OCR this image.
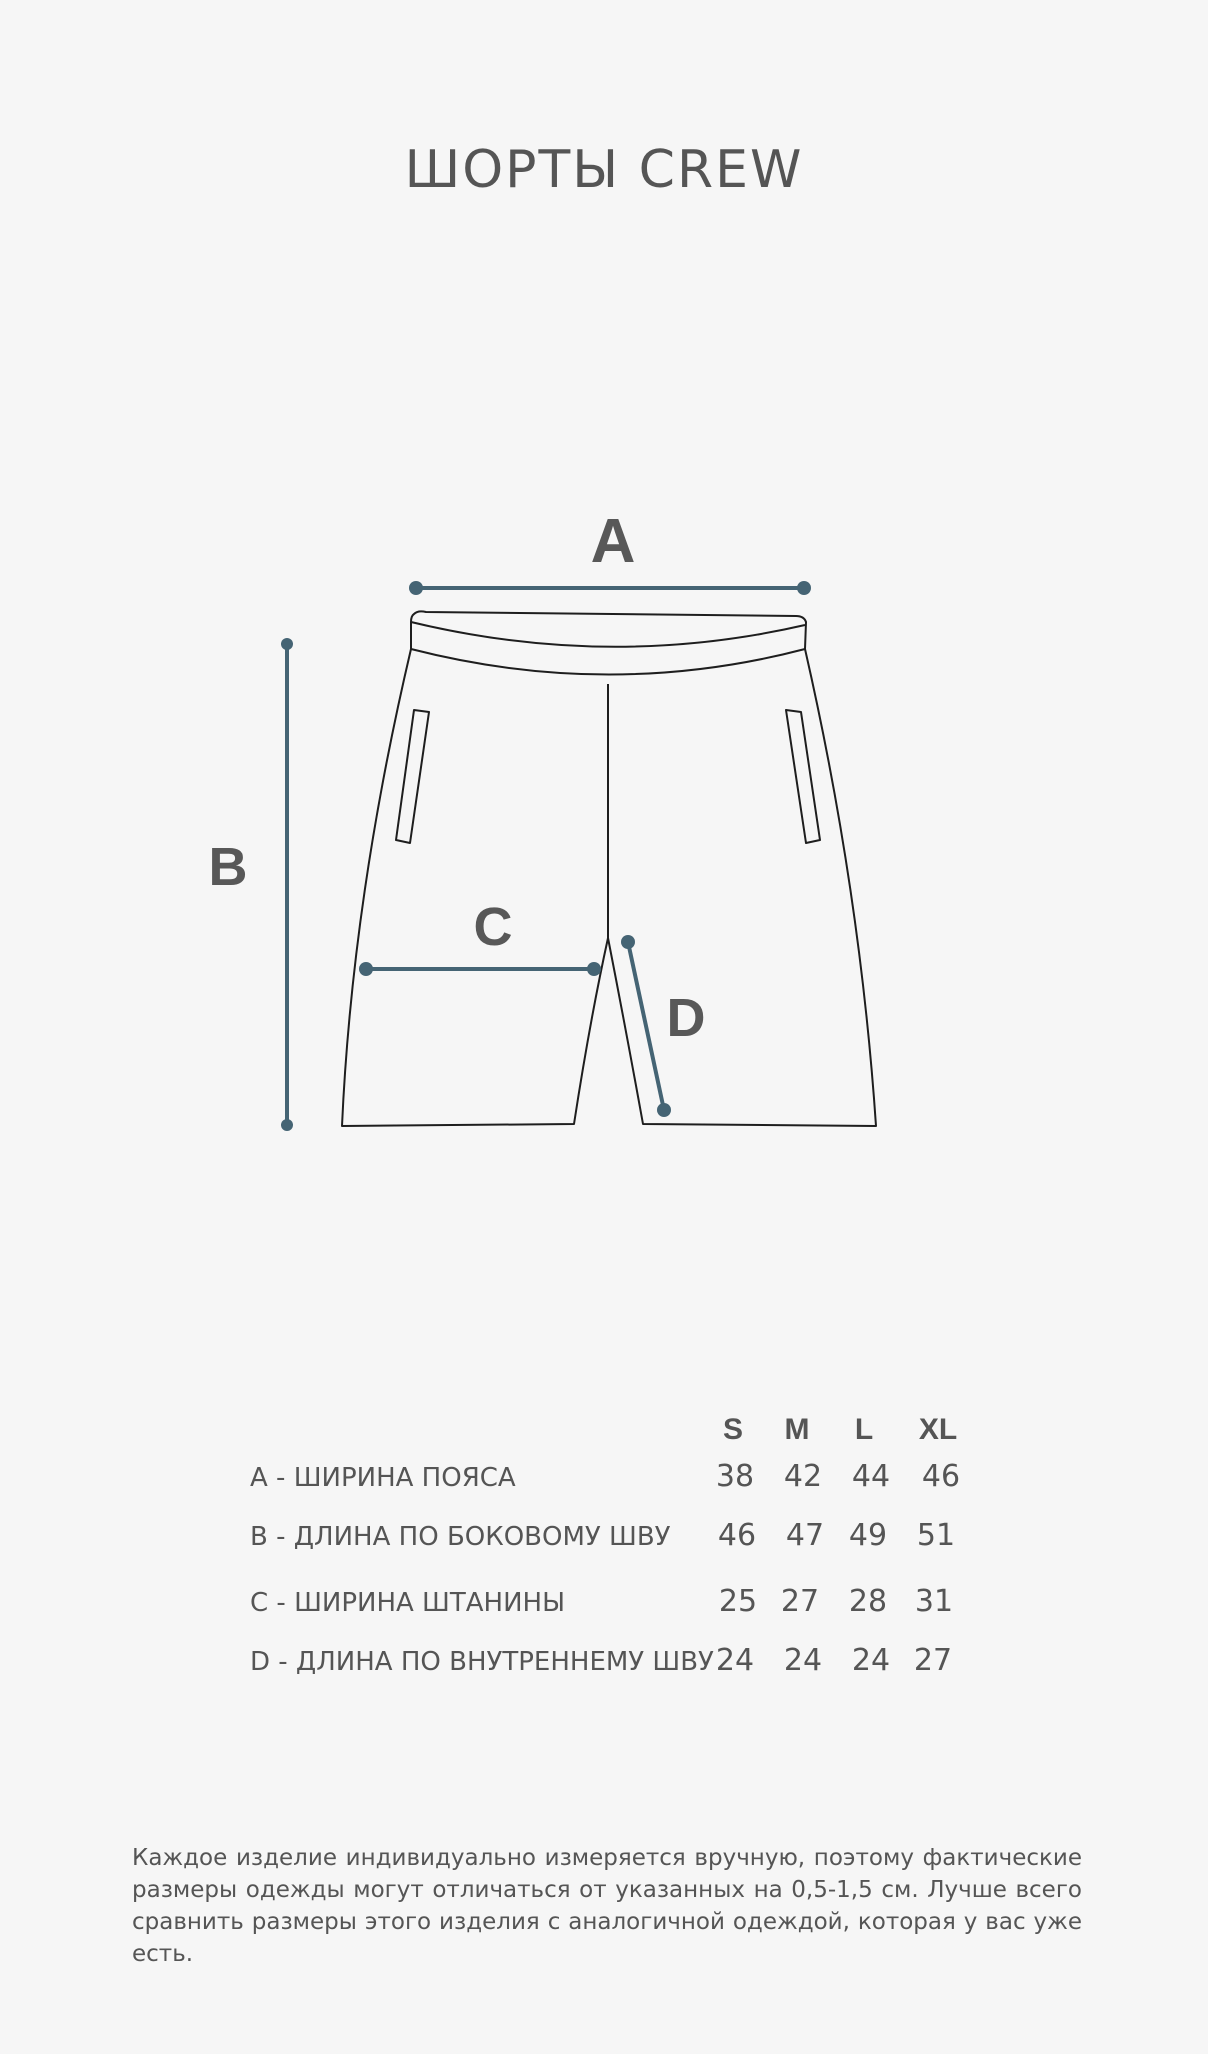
ШОРТЫ CREW
A
B
C
D
S	M	L	XL
A - ШИРИНА ПОЯСА	38 42 44	46
B - ДЛИНА ПО БОКОВОМУ ШВУ	46 47 49 51
C - ШИРИНА ШТАНИНЫ	25 27 28 31
D - ДЛИНА ПО ВНУТРЕННЕМУ ШВУ 24 24 24 27
Каждое изделие индивидуально измеряется вручную, поэтому фактические размеры одежды могут отличаться от указанных на 0,5-1,5 см. Лучше всего сравнить размеры этого изделия с аналогичной одеждой, которая у вас уже есть.
